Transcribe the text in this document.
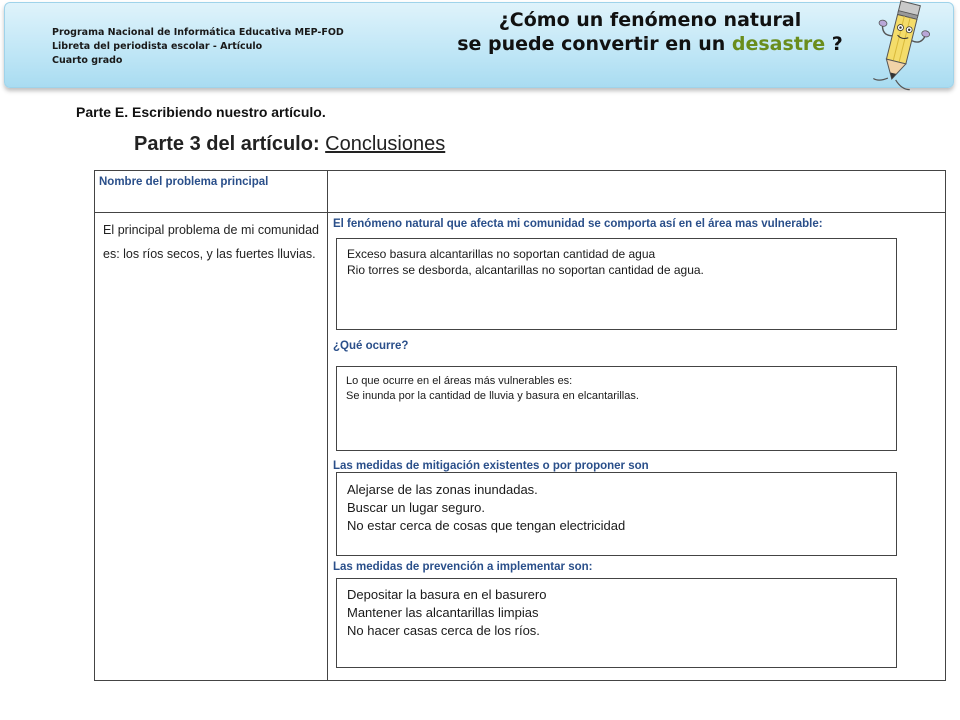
Programa Nacional de Informática Educativa MEP-FOD
Libreta del periodista escolar - Artículo
Cuarto grado
¿Cómo un fenómeno natural
se puede convertir en un desastre ?
Parte E. Escribiendo nuestro artículo.
Parte 3 del artículo: Conclusiones
Nombre del problema principal
El principal problema de mi comunidad es: los ríos secos, y las fuertes lluvias.
El fenómeno natural que afecta mi comunidad se comporta así en el área mas vulnerable:
Exceso basura alcantarillas no soportan cantidad de agua
Rio torres se desborda, alcantarillas no soportan cantidad de agua.
¿Qué ocurre?
Lo que ocurre en el áreas más vulnerables es:
Se inunda por la cantidad de lluvia y basura en elcantarillas.
Las medidas de mitigación existentes o por proponer son
Alejarse de las zonas inundadas.
Buscar un lugar seguro.
No estar cerca de cosas que tengan electricidad
Las medidas de prevención a implementar son:
Depositar la basura en el basurero
Mantener las alcantarillas limpias
No hacer casas cerca de los ríos.
